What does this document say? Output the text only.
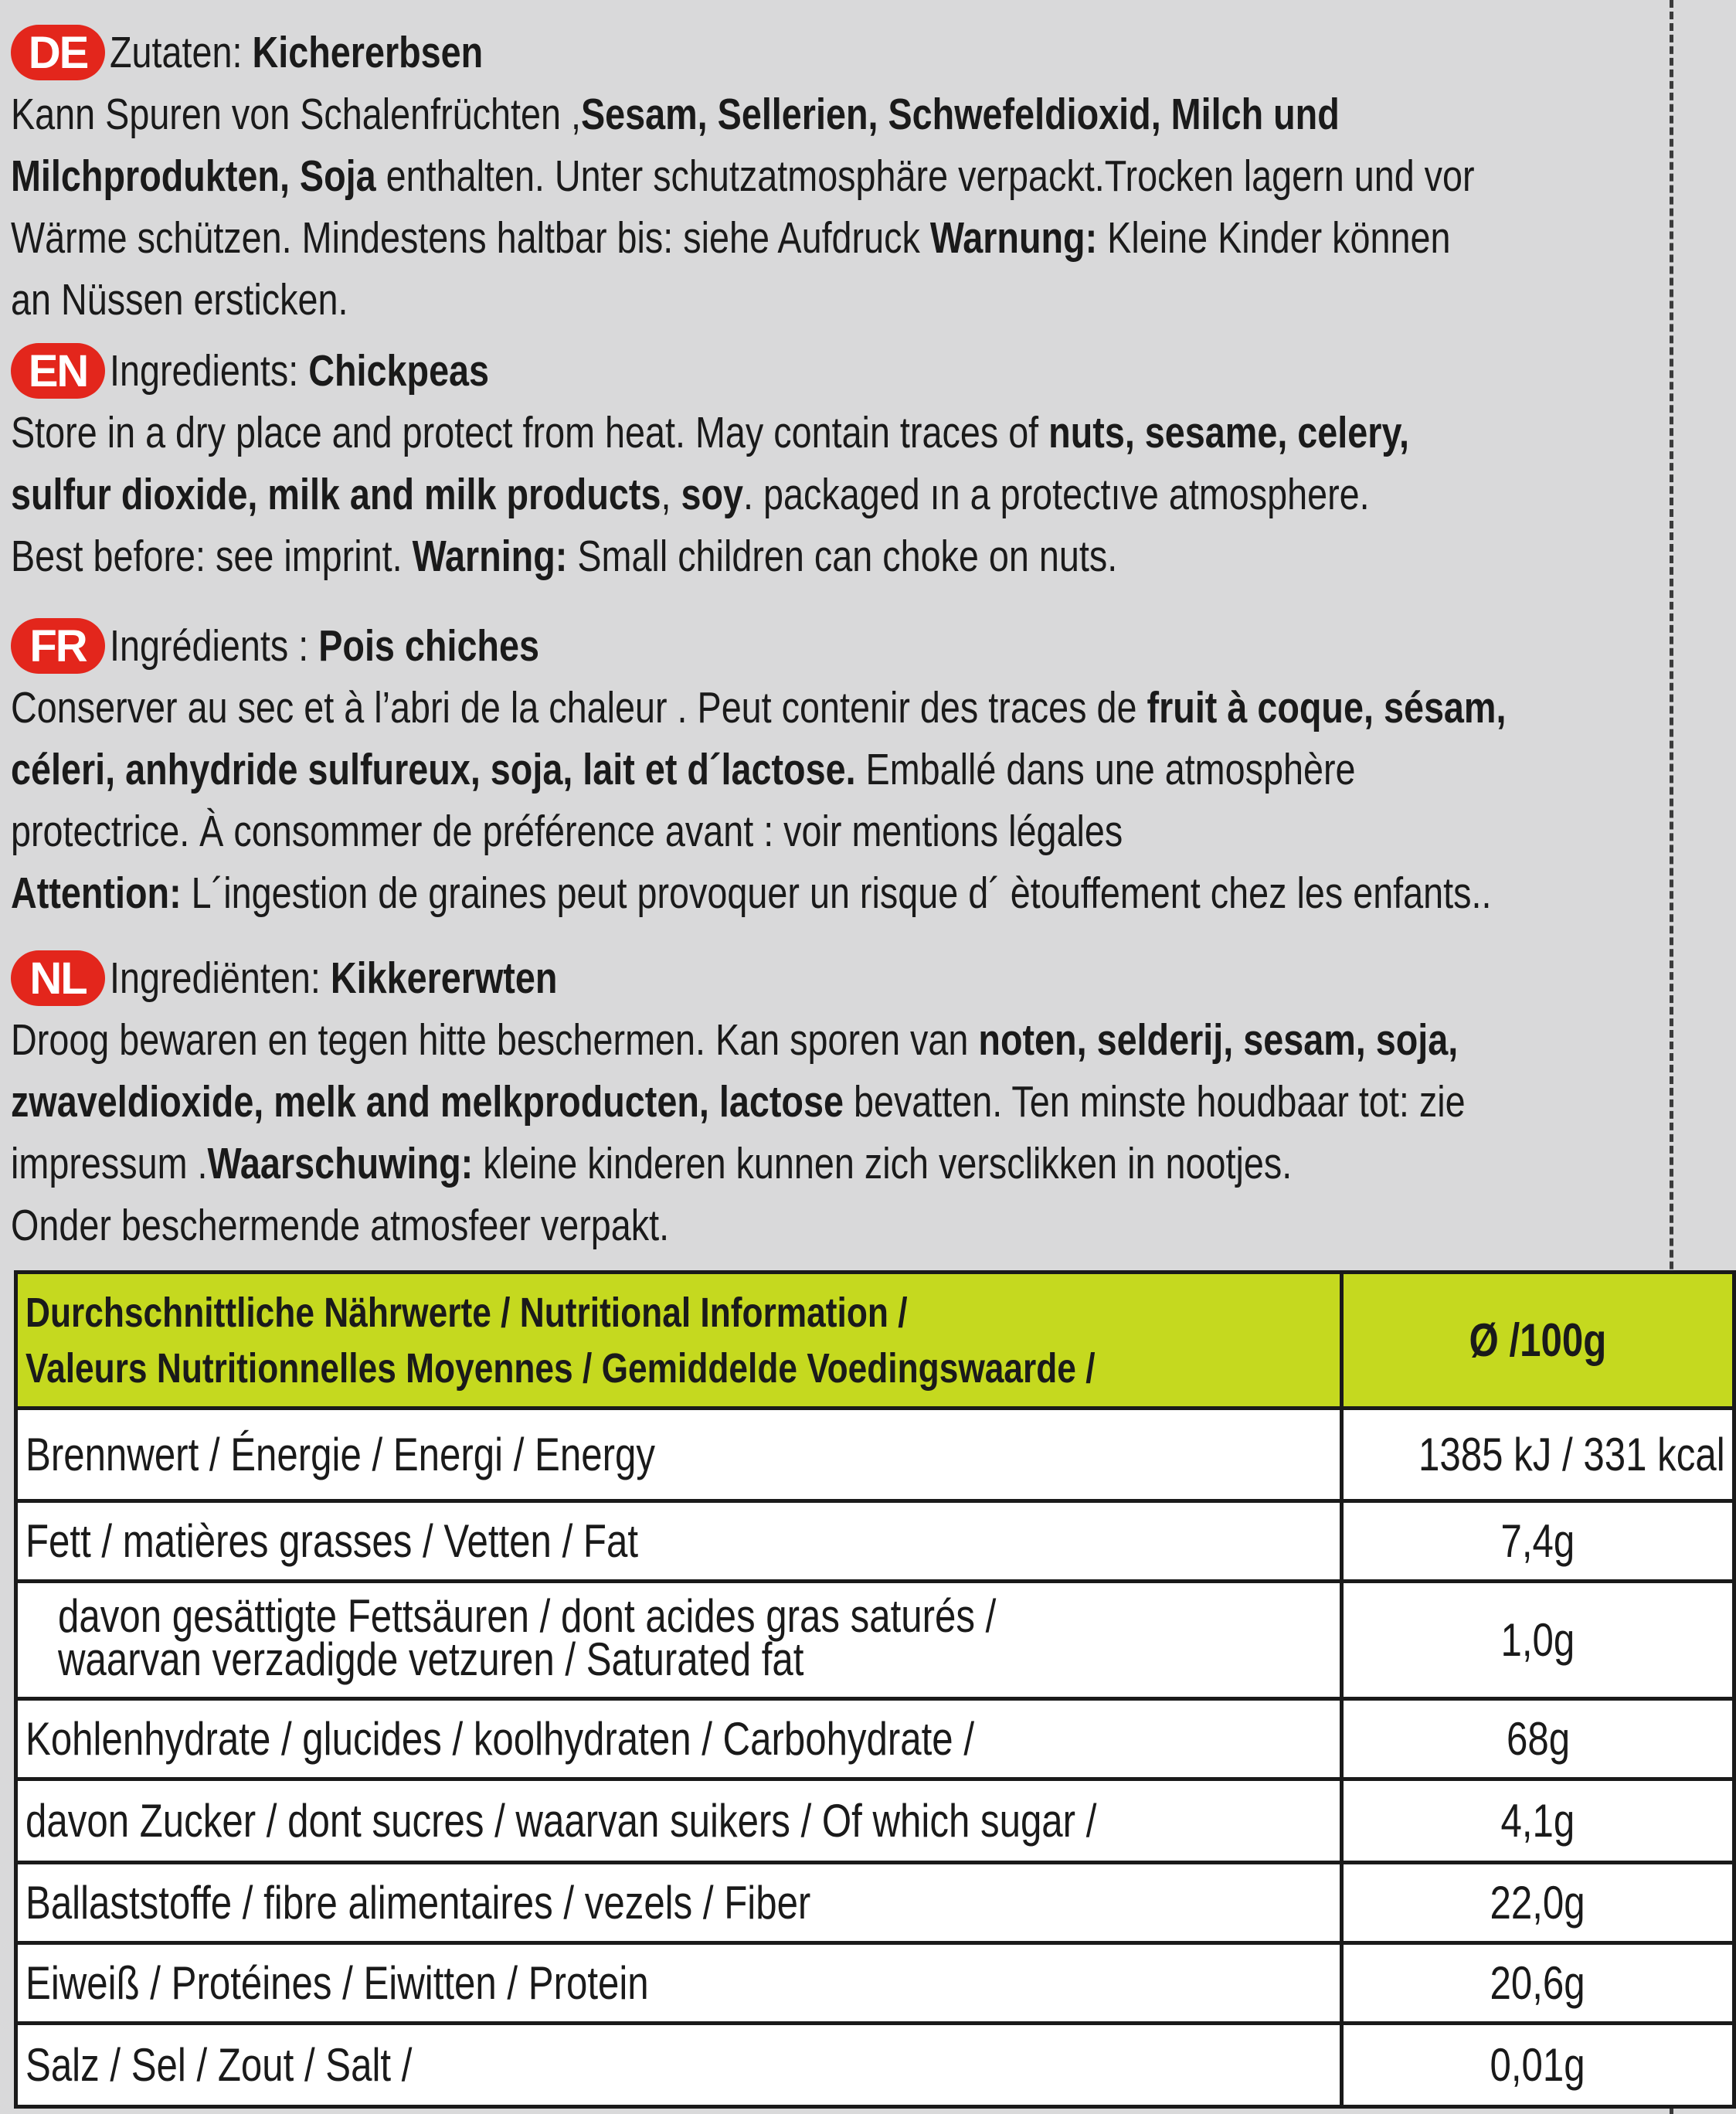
DE Zutaten: Kichererbsen

Kann Spuren von Schalenfrüchten ,Sesam, Sellerien, Schwefeldioxid, Milch und

Milchprodukten, Soja enthalten. Unter schutzatmosphäre verpackt.Trocken lagern und vor

Wärme schützen. Mindestens haltbar bis: siehe Aufdruck Warnung: Kleine Kinder können

an Nüssen ersticken.

EN Ingredients: Chickpeas

Store in a dry place and protect from heat. May contain traces of nuts, sesame, celery,

sulfur dioxide, milk and milk products, soy. packaged ın a protectıve atmosphere.

Best before: see imprint. Warning: Small children can choke on nuts.

FR Ingrédients : Pois chiches

Conserver au sec et à l’abri de la chaleur . Peut contenir des traces de fruit à coque, sésam,

céleri, anhydride sulfureux, soja, lait et d´lactose. Emballé dans une atmosphère

protectrice. À consommer de préférence avant : voir mentions légales

Attention: L´ingestion de graines peut provoquer un risque d´ ètouffement chez les enfants..

NL Ingrediënten: Kikkererwten

Droog bewaren en tegen hitte beschermen. Kan sporen van noten, selderij, sesam, soja,

zwaveldioxide, melk and melkproducten, lactose bevatten. Ten minste houdbaar tot: zie

impressum .Waarschuwing: kleine kinderen kunnen zich versclikken in nootjes.

Onder beschermende atmosfeer verpakt.

Durchschnittliche Nährwerte / Nutritional Information /
Valeurs Nutritionnelles Moyennes / Gemiddelde Voedingswaarde /	Ø /100g
Brennwert / Énergie / Energi / Energy	1385 kJ / 331 kcal
Fett / matières grasses / Vetten / Fat	7,4g
davon gesättigte Fettsäuren / dont acides gras saturés /
waarvan verzadigde vetzuren / Saturated fat	1,0g
Kohlenhydrate / glucides / koolhydraten / Carbohydrate /	68g
davon Zucker / dont sucres / waarvan suikers / Of which sugar /	4,1g
Ballaststoffe / fibre alimentaires / vezels / Fiber	22,0g
Eiweiß / Protéines / Eiwitten / Protein	20,6g
Salz / Sel / Zout / Salt /	0,01g
